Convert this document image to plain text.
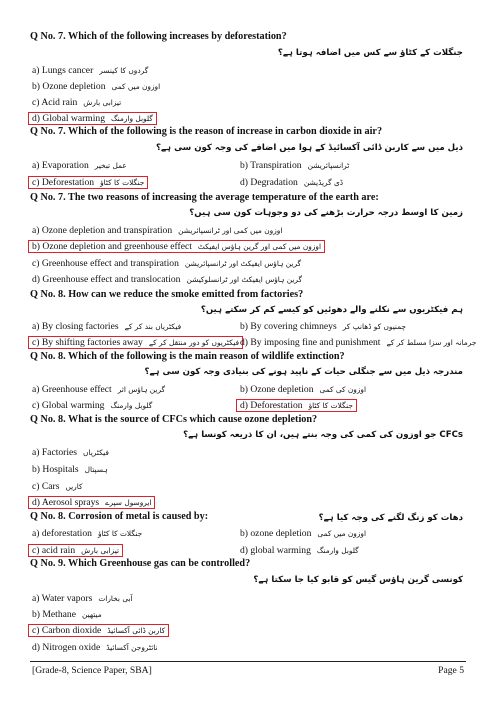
Q No. 7. Which of the following increases by deforestation?
جنگلات کے کٹاؤ سے کس میں اضافہ ہوتا ہے؟
a) Lungs cancer گردوں کا کینسر
b) Ozone depletion اوزون میں کمی
c) Acid rain تیزابی بارش
d) Global warming گلوبل وارمنگ
Q No. 7. Which of the following is the reason of increase in carbon dioxide in air?
ذیل میں سے کاربن ڈائی آکسائیڈ کے ہوا میں اضافے کی وجہ کون سی ہے؟
a) Evaporation عمل تبخیر	b) Transpiration ٹرانسپائریشن
c) Deforestation جنگلات کا کٹاؤ	d) Degradation ڈی گریڈیشن
Q No. 7. The two reasons of increasing the average temperature of the earth are:
زمین کا اوسط درجہ حرارت بڑھنے کی دو وجوہات کون سی ہیں؟
a) Ozone depletion and transpiration اوزون میں کمی اور ٹرانسپائریشن
b) Ozone depletion and greenhouse effect اوزون میں کمی اور گرین ہاؤس ایفیکٹ
c) Greenhouse effect and transpiration گرین ہاؤس ایفیکٹ اور ٹرانسپائریشن
d) Greenhouse effect and translocation گرین ہاؤس ایفیکٹ اور ٹرانسلوکیشن
Q No. 8. How can we reduce the smoke emitted from factories?
ہم فیکٹریوں سے نکلنے والے دھوئیں کو کیسے کم کر سکتے ہیں؟
a) By closing factories فیکٹریاں بند کر کے	b) By covering chimneys چمنیوں کو ڈھانپ کر
c) By shifting factories away فیکٹریوں کو دور منتقل کر کے d) By imposing fine and punishment جرمانہ اور سزا مسلط کر کے
Q No. 8. Which of the following is the main reason of wildlife extinction?
مندرجہ ذیل میں سے جنگلی حیات کے ناپید ہونے کی بنیادی وجہ کون سی ہے؟
a) Greenhouse effect گرین ہاؤس اثر	b) Ozone depletion اوزون کی کمی
c) Global warming گلوبل وارمنگ	d) Deforestation جنگلات کا کٹاؤ
Q No. 8. What is the source of CFCs which cause ozone depletion?
CFCs جو اوزون کی کمی کی وجہ بنتے ہیں، ان کا ذریعہ کونسا ہے؟
a) Factories فیکٹریاں
b) Hospitals ہسپتال
c) Cars کاریں
d) Aerosol sprays ایروسول سپرے
Q No. 8. Corrosion of metal is caused by:	دھات کو زنگ لگنے کی وجہ کیا ہے؟
a) deforestation جنگلات کا کٹاؤ	b) ozone depletion اوزون میں کمی
c) acid rain تیزابی بارش	d) global warming گلوبل وارمنگ
Q No. 9. Which Greenhouse gas can be controlled?
کونسی گرین ہاؤس گیس کو قابو کیا جا سکتا ہے؟
a) Water vapors آبی بخارات
b) Methane میتھین
c) Carbon dioxide کاربن ڈائی آکسائیڈ
d) Nitrogen oxide نائٹروجن آکسائیڈ
[Grade-8, Science Paper, SBA]	Page 5
